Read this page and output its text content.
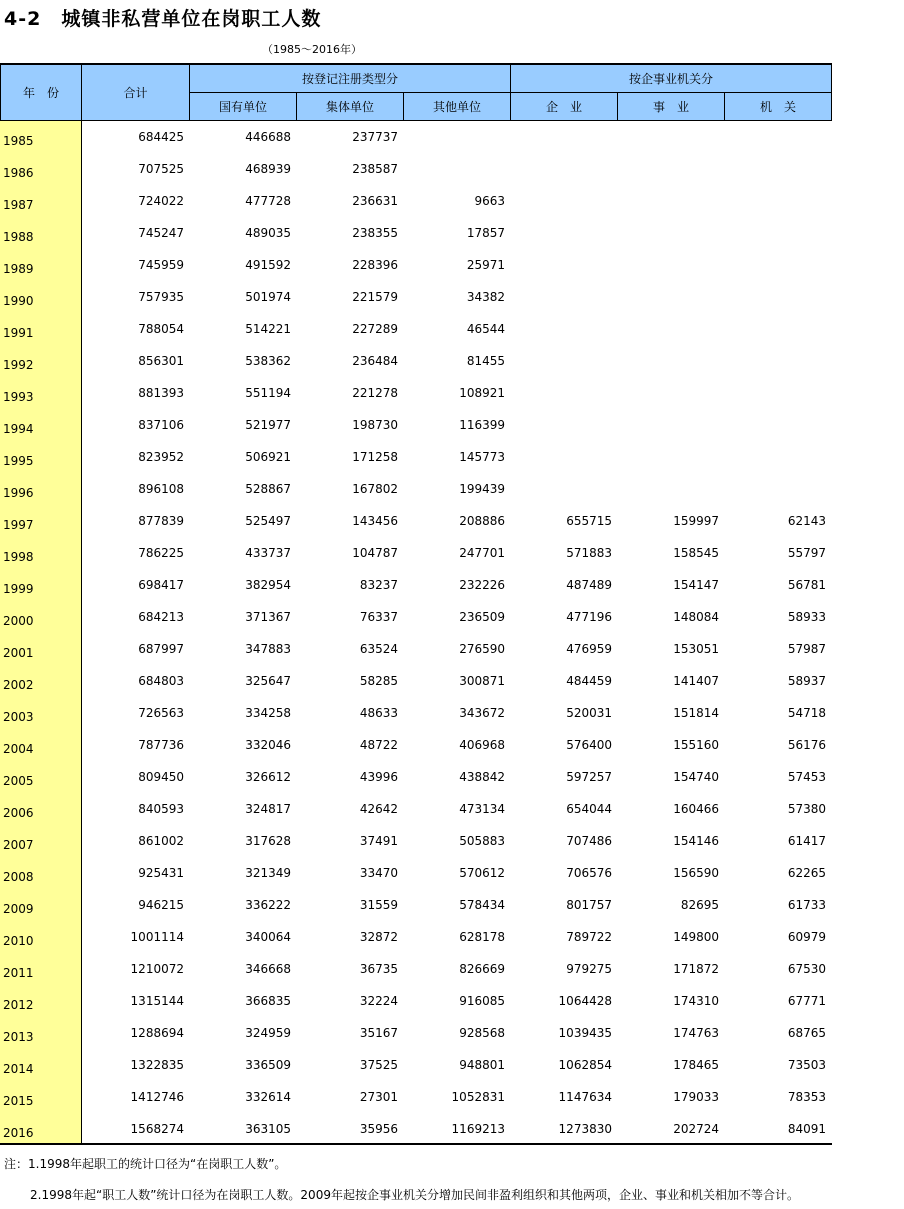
4-2　城镇非私营单位在岗职工人数
（1985～2016年）
年　份	合计
按登记注册类型分	按企事业机关分
国有单位	集体单位	其他单位	企　业	事　业	机　关
1985	684425	446688	237737
1986	707525	468939	238587
1987	724022	477728	236631	9663
1988	745247	489035	238355	17857
1989	745959	491592	228396	25971
1990	757935	501974	221579	34382
1991	788054	514221	227289	46544
1992	856301	538362	236484	81455
1993	881393	551194	221278	108921
1994	837106	521977	198730	116399
1995	823952	506921	171258	145773
1996	896108	528867	167802	199439
1997	877839	525497	143456	208886	655715	159997	62143
1998	786225	433737	104787	247701	571883	158545	55797
1999	698417	382954	83237	232226	487489	154147	56781
2000	684213	371367	76337	236509	477196	148084	58933
2001	687997	347883	63524	276590	476959	153051	57987
2002	684803	325647	58285	300871	484459	141407	58937
2003	726563	334258	48633	343672	520031	151814	54718
2004	787736	332046	48722	406968	576400	155160	56176
2005	809450	326612	43996	438842	597257	154740	57453
2006	840593	324817	42642	473134	654044	160466	57380
2007	861002	317628	37491	505883	707486	154146	61417
2008	925431	321349	33470	570612	706576	156590	62265
2009	946215	336222	31559	578434	801757	82695	61733
2010	1001114	340064	32872	628178	789722	149800	60979
2011	1210072	346668	36735	826669	979275	171872	67530
2012	1315144	366835	32224	916085	1064428	174310	67771
2013	1288694	324959	35167	928568	1039435	174763	68765
2014	1322835	336509	37525	948801	1062854	178465	73503
2015	1412746	332614	27301	1052831	1147634	179033	78353
2016	1568274	363105	35956	1169213	1273830	202724	84091
注：1.1998年起职工的统计口径为“在岗职工人数”。
2.1998年起“职工人数”统计口径为在岗职工人数。2009年起按企事业机关分增加民间非盈利组织和其他两项，企业、事业和机关相加不等合计。
